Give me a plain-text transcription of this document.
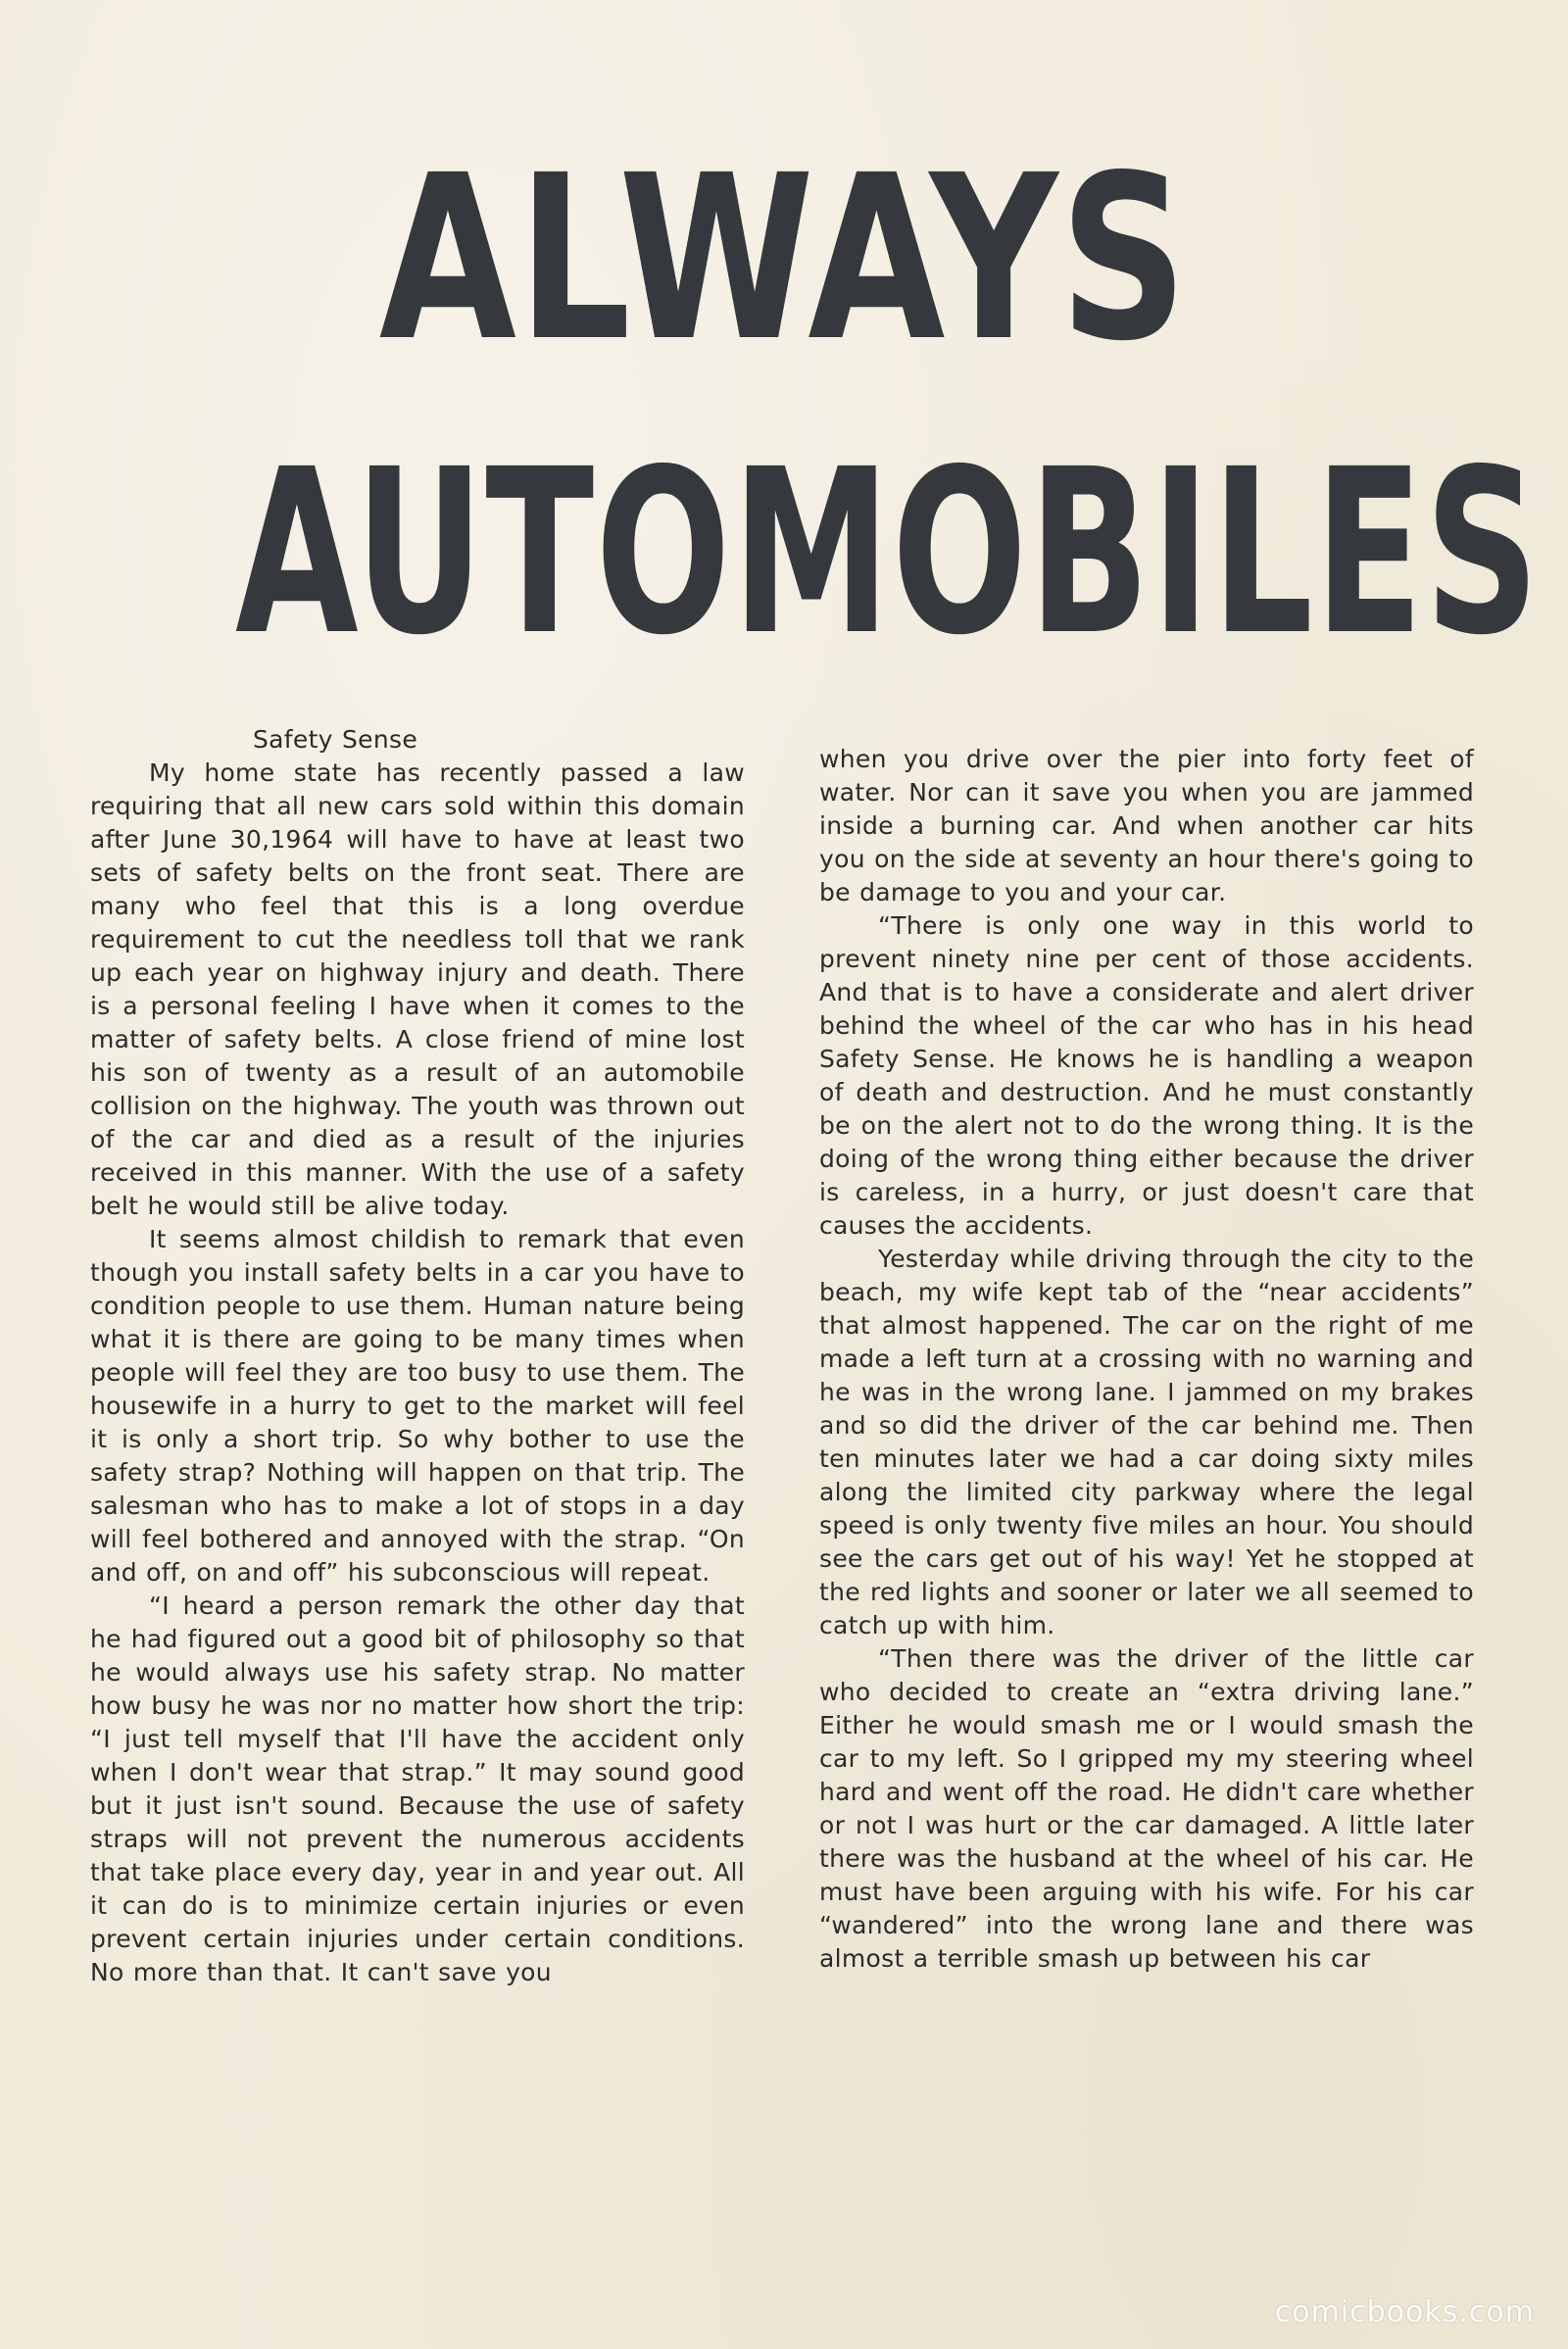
ALWAYS
AUTOMOBILES

Safety Sense

My home state has recently passed a law requiring that all new cars sold within this domain after June 30,1964 will have to have at least two sets of safety belts on the front seat. There are many who feel that this is a long overdue requirement to cut the needless toll that we rank up each year on highway injury and death. There is a personal feeling I have when it comes to the matter of safety belts. A close friend of mine lost his son of twenty as a result of an automobile collision on the highway. The youth was thrown out of the car and died as a result of the injuries received in this manner. With the use of a safety belt he would still be alive today.

It seems almost childish to remark that even though you install safety belts in a car you have to condition people to use them. Human nature being what it is there are going to be many times when people will feel they are too busy to use them. The housewife in a hurry to get to the market will feel it is only a short trip. So why bother to use the safety strap? Nothing will happen on that trip. The salesman who has to make a lot of stops in a day will feel bothered and annoyed with the strap. “On and off, on and off” his subconscious will repeat.

“I heard a person remark the other day that he had figured out a good bit of philosophy so that he would always use his safety strap. No matter how busy he was nor no matter how short the trip: “I just tell myself that I'll have the accident only when I don't wear that strap.” It may sound good but it just isn't sound. Because the use of safety straps will not prevent the numerous accidents that take place every day, year in and year out. All it can do is to minimize certain injuries or even prevent certain injuries under certain conditions. No more than that. It can't save you

when you drive over the pier into forty feet of water. Nor can it save you when you are jammed inside a burning car. And when another car hits you on the side at seventy an hour there's going to be damage to you and your car.

“There is only one way in this world to prevent ninety nine per cent of those accidents. And that is to have a considerate and alert driver behind the wheel of the car who has in his head Safety Sense. He knows he is handling a weapon of death and destruction. And he must constantly be on the alert not to do the wrong thing. It is the doing of the wrong thing either because the driver is careless, in a hurry, or just doesn't care that causes the accidents.

Yesterday while driving through the city to the beach, my wife kept tab of the “near accidents” that almost happened. The car on the right of me made a left turn at a crossing with no warning and he was in the wrong lane. I jammed on my brakes and so did the driver of the car behind me. Then ten minutes later we had a car doing sixty miles along the limited city parkway where the legal speed is only twenty five miles an hour. You should see the cars get out of his way! Yet he stopped at the red lights and sooner or later we all seemed to catch up with him.

“Then there was the driver of the little car who decided to create an “extra driving lane.” Either he would smash me or I would smash the car to my left. So I gripped my my steering wheel hard and went off the road. He didn't care whether or not I was hurt or the car damaged. A little later there was the husband at the wheel of his car. He must have been arguing with his wife. For his car “wandered” into the wrong lane and there was almost a terrible smash up between his car

comicbooks.com
